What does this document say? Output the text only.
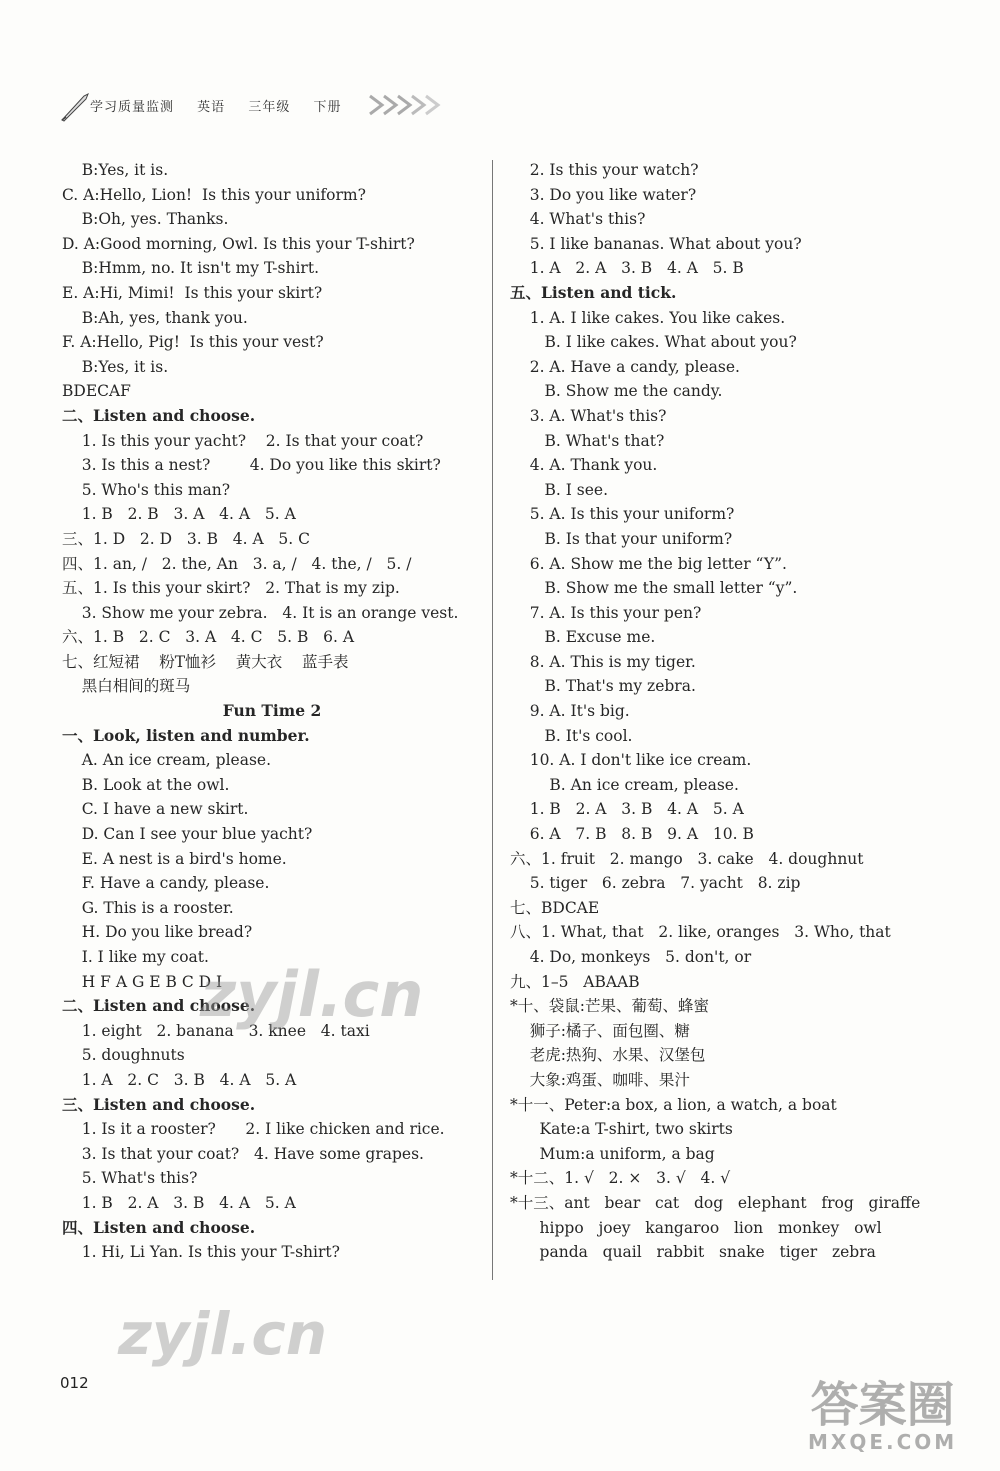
学习质量监测 英语 三年级 下册
B:Yes, it is.
C. A:Hello, Lion!  Is this your uniform?
B:Oh, yes. Thanks.
D. A:Good morning, Owl. Is this your T-shirt?
B:Hmm, no. It isn't my T-shirt.
E. A:Hi, Mimi!  Is this your skirt?
B:Ah, yes, thank you.
F. A:Hello, Pig!  Is this your vest?
B:Yes, it is.
BDECAF
二、Listen and choose.
1. Is this your yacht?    2. Is that your coat?
3. Is this a nest?        4. Do you like this skirt?
5. Who's this man?
1. B   2. B   3. A   4. A   5. A
三、1. D   2. D   3. B   4. A   5. C
四、1. an, /   2. the, An   3. a, /   4. the, /   5. /
五、1. Is this your skirt?   2. That is my zip.
3. Show me your zebra.   4. It is an orange vest.
六、1. B   2. C   3. A   4. C   5. B   6. A
七、红短裙    粉T恤衫    黄大衣    蓝手表
黑白相间的斑马
Fun Time 2
一、Look, listen and number.
A. An ice cream, please.
B. Look at the owl.
C. I have a new skirt.
D. Can I see your blue yacht?
E. A nest is a bird's home.
F. Have a candy, please.
G. This is a rooster.
H. Do you like bread?
I. I like my coat.
H F A G E B C D I
二、Listen and choose.
1. eight   2. banana   3. knee   4. taxi
5. doughnuts
1. A   2. C   3. B   4. A   5. A
三、Listen and choose.
1. Is it a rooster?      2. I like chicken and rice.
3. Is that your coat?   4. Have some grapes.
5. What's this?
1. B   2. A   3. B   4. A   5. A
四、Listen and choose.
1. Hi, Li Yan. Is this your T-shirt?
2. Is this your watch?
3. Do you like water?
4. What's this?
5. I like bananas. What about you?
1. A   2. A   3. B   4. A   5. B
五、Listen and tick.
1. A. I like cakes. You like cakes.
B. I like cakes. What about you?
2. A. Have a candy, please.
B. Show me the candy.
3. A. What's this?
B. What's that?
4. A. Thank you.
B. I see.
5. A. Is this your uniform?
B. Is that your uniform?
6. A. Show me the big letter “Y”.
B. Show me the small letter “y”.
7. A. Is this your pen?
B. Excuse me.
8. A. This is my tiger.
B. That's my zebra.
9. A. It's big.
B. It's cool.
10. A. I don't like ice cream.
B. An ice cream, please.
1. B   2. A   3. B   4. A   5. A
6. A   7. B   8. B   9. A   10. B
六、1. fruit   2. mango   3. cake   4. doughnut
5. tiger   6. zebra   7. yacht   8. zip
七、BDCAE
八、1. What, that   2. like, oranges   3. Who, that
4. Do, monkeys   5. don't, or
九、1–5   ABAAB
*十、袋鼠:芒果、葡萄、蜂蜜
狮子:橘子、面包圈、糖
老虎:热狗、水果、汉堡包
大象:鸡蛋、咖啡、果汁
*十一、Peter:a box, a lion, a watch, a boat
Kate:a T-shirt, two skirts
Mum:a uniform, a bag
*十二、1. √   2. ×   3. √   4. √
*十三、ant   bear   cat   dog   elephant   frog   giraffe
hippo   joey   kangaroo   lion   monkey   owl
panda   quail   rabbit   snake   tiger   zebra
012
zyjl.cn
zyjl.cn
答案圈
MXQE.COM
